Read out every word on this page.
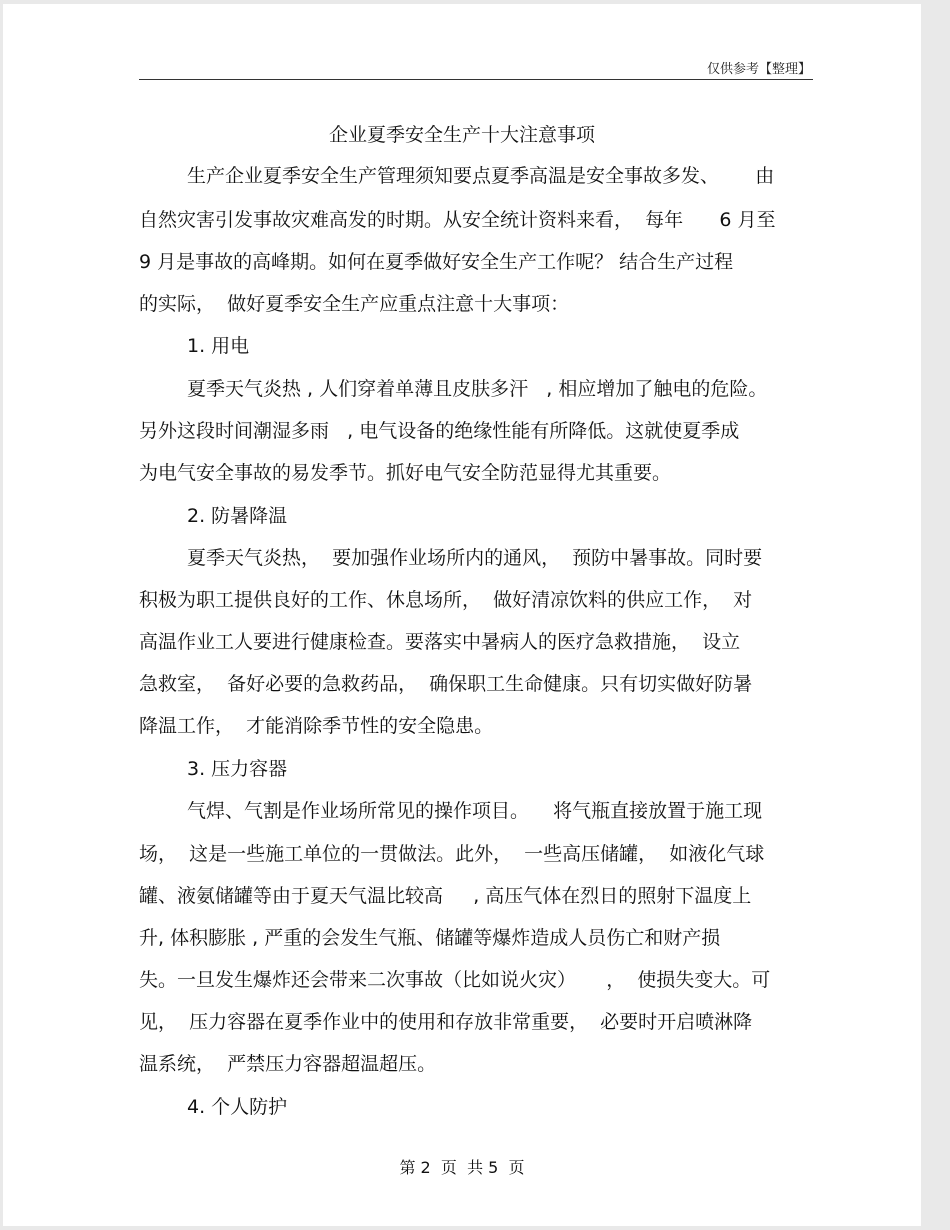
仅供参考【整理】
企业夏季安全生产十大注意事项
生产企业夏季安全生产管理须知要点夏季高温是安全事故多发、      由
自然灾害引发事故灾难高发的时期。从安全统计资料来看，  每年      6 月至
9 月是事故的高峰期。如何在夏季做好安全生产工作呢？ 结合生产过程
的实际，  做好夏季安全生产应重点注意十大事项：
1. 用电
夏季天气炎热 , 人们穿着单薄且皮肤多汗   , 相应增加了触电的危险。
另外这段时间潮湿多雨   , 电气设备的绝缘性能有所降低。这就使夏季成
为电气安全事故的易发季节。抓好电气安全防范显得尤其重要。
2. 防暑降温
夏季天气炎热，  要加强作业场所内的通风，  预防中暑事故。同时要
积极为职工提供良好的工作、休息场所，  做好清凉饮料的供应工作，  对
高温作业工人要进行健康检查。要落实中暑病人的医疗急救措施，  设立
急救室，  备好必要的急救药品，  确保职工生命健康。只有切实做好防暑
降温工作，  才能消除季节性的安全隐患。
3. 压力容器
气焊、气割是作业场所常见的操作项目。    将气瓶直接放置于施工现
场，  这是一些施工单位的一贯做法。此外，  一些高压储罐，  如液化气球
罐、液氨储罐等由于夏天气温比较高     , 高压气体在烈日的照射下温度上
升, 体积膨胀 , 严重的会发生气瓶、储罐等爆炸造成人员伤亡和财产损
失。一旦发生爆炸还会带来二次事故（比如说火灾）     ，  使损失变大。可
见，  压力容器在夏季作业中的使用和存放非常重要，  必要时开启喷淋降
温系统，  严禁压力容器超温超压。
4. 个人防护
第 2  页  共 5  页
